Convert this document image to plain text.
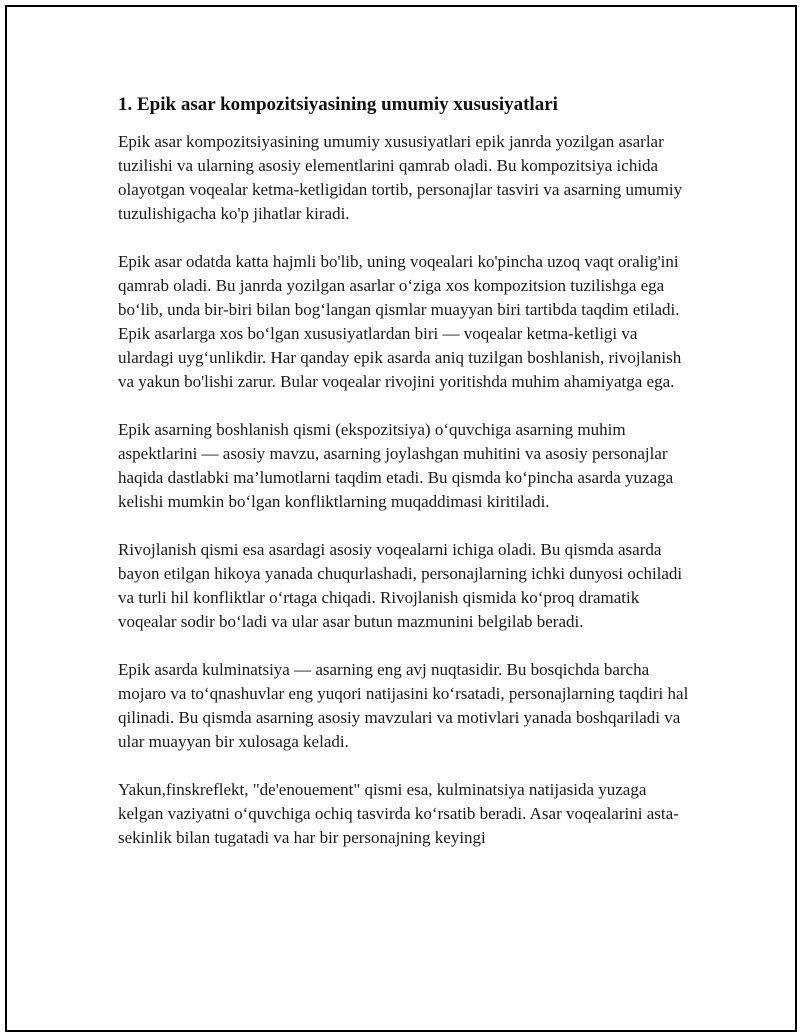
1. Epik asar kompozitsiyasining umumiy xususiyatlari

Epik asar kompozitsiyasining umumiy xususiyatlari epik janrda yozilgan asarlar tuzilishi va ularning asosiy elementlarini qamrab oladi. Bu kompozitsiya ichida olayotgan voqealar ketma-ketligidan tortib, personajlar tasviri va asarning umumiy tuzulishigacha ko'p jihatlar kiradi.

Epik asar odatda katta hajmli bo'lib, uning voqealari ko'pincha uzoq vaqt oralig'ini qamrab oladi. Bu janrda yozilgan asarlar o‘ziga xos kompozitsion tuzilishga ega bo‘lib, unda bir-biri bilan bog‘langan qismlar muayyan biri tartibda taqdim etiladi. Epik asarlarga xos bo‘lgan xususiyatlardan biri — voqealar ketma-ketligi va ulardagi uyg‘unlikdir. Har qanday epik asarda aniq tuzilgan boshlanish, rivojlanish va yakun bo'lishi zarur. Bular voqealar rivojini yoritishda muhim ahamiyatga ega.

Epik asarning boshlanish qismi (ekspozitsiya) o‘quvchiga asarning muhim aspektlarini — asosiy mavzu, asarning joylashgan muhitini va asosiy personajlar haqida dastlabki ma’lumotlarni taqdim etadi. Bu qismda ko‘pincha asarda yuzaga kelishi mumkin bo‘lgan konfliktlarning muqaddimasi kiritiladi.

Rivojlanish qismi esa asardagi asosiy voqealarni ichiga oladi. Bu qismda asarda bayon etilgan hikoya yanada chuqurlashadi, personajlarning ichki dunyosi ochiladi va turli hil konfliktlar o‘rtaga chiqadi. Rivojlanish qismida ko‘proq dramatik voqealar sodir bo‘ladi va ular asar butun mazmunini belgilab beradi.

Epik asarda kulminatsiya — asarning eng avj nuqtasidir. Bu bosqichda barcha mojaro va to‘qnashuvlar eng yuqori natijasini ko‘rsatadi, personajlarning taqdiri hal qilinadi. Bu qismda asarning asosiy mavzulari va motivlari yanada boshqariladi va ular muayyan bir xulosaga keladi.

Yakun,finskreflekt, "de'enouement" qismi esa, kulminatsiya natijasida yuzaga kelgan vaziyatni o‘quvchiga ochiq tasvirda ko‘rsatib beradi. Asar voqealarini asta-sekinlik bilan tugatadi va har bir personajning keyingi
